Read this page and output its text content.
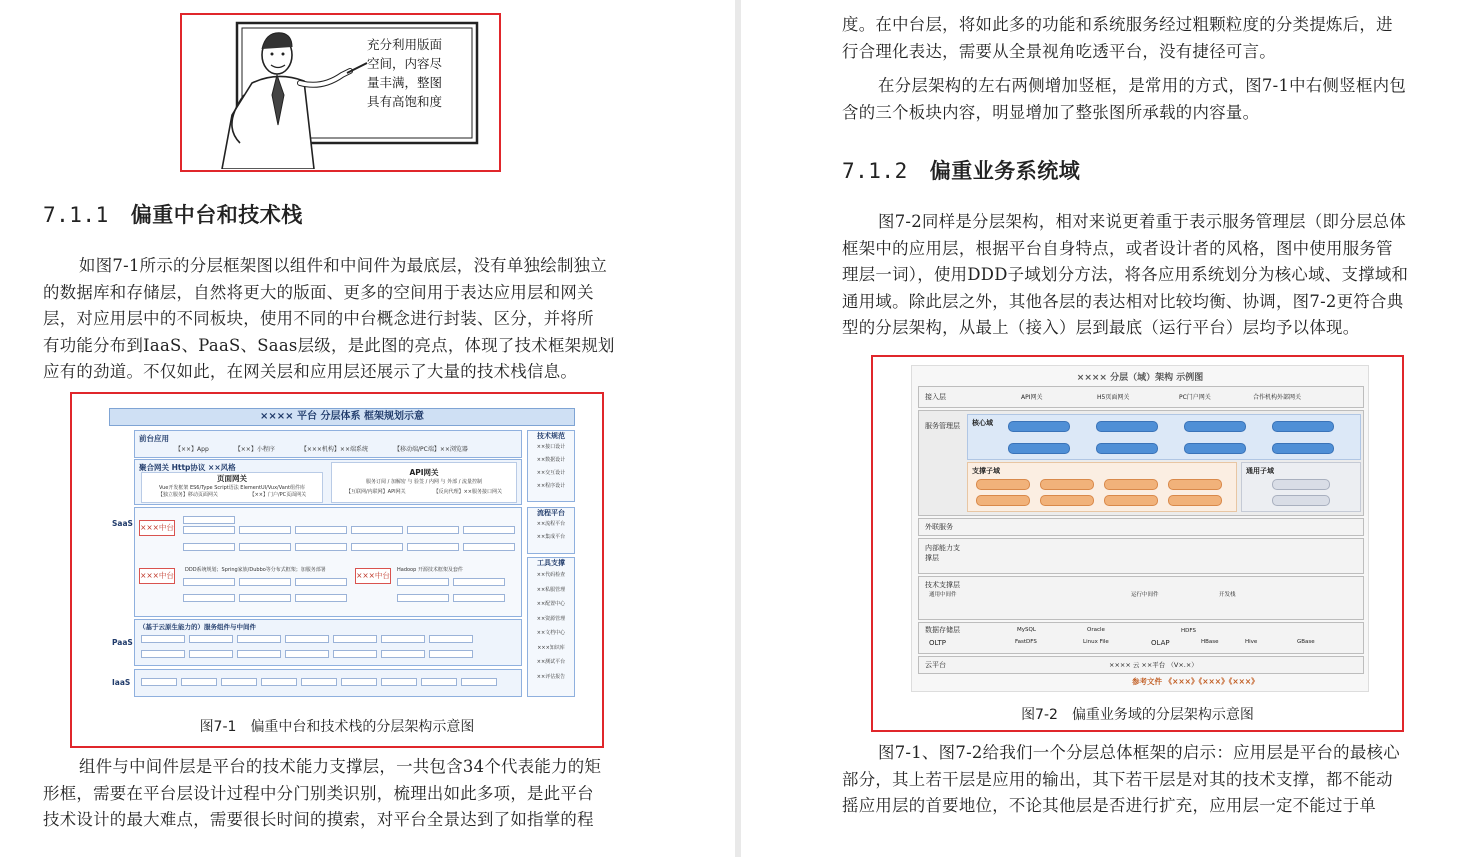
充分利用版面
空间，内容尽
量丰满，整图
具有高饱和度
7.1.1 偏重中台和技术栈
如图7-1所示的分层框架图以组件和中间件为最底层，没有单独绘制独立
的数据库和存储层，自然将更大的版面、更多的空间用于表达应用层和网关
层，对应用层中的不同板块，使用不同的中台概念进行封装、区分，并将所
有功能分布到IaaS、PaaS、Saas层级，是此图的亮点，体现了技术框架规划
应有的劲道。不仅如此，在网关层和应用层还展示了大量的技术栈信息。
×××× 平台 分层体系 框架规划示意
前台应用
【××】App	【××】小程序	【×××机构】××端系统	【移动端/PC端】××浏览器
聚合网关 Http协议 ××风格
页面网关
Vue开发框架 ES6/Type Script语法 ElementUI/Vux/Vant组件库
【独立服务】移动页面网关	【××】门户/PC页面网关
API网关
服务订阅 / 加解密 与 验签 / 内网 与 外部 / 流量控制
【互联网/内联网】API网关	【反向代理】××服务接口网关
×××中台
×××中台	×××中台
DDD系统规划；Spring家族/Dubbo等分布式框架；加服务部署	Hadoop 开源技术框架及套件
SaaS
（基于云原生能力的）服务组件与中间件
PaaS
IaaS
技术规范
××接口设计
××数据设计
××交互设计
××程序设计
流程平台
××流程平台
××集成平台
工具支撑
××代码检查
××私服管理
××配置中心
××资源管理
××文档中心
×××知识库
××测试平台
××评估报告
图7-1 偏重中台和技术栈的分层架构示意图
组件与中间件层是平台的技术能力支撑层，一共包含34个代表能力的矩
形框，需要在平台层设计过程中分门别类识别，梳理出如此多项，是此平台
技术设计的最大难点，需要很长时间的摸索，对平台全景达到了如指掌的程
度。在中台层，将如此多的功能和系统服务经过粗颗粒度的分类提炼后，进
行合理化表达，需要从全景视角吃透平台，没有捷径可言。
在分层架构的左右两侧增加竖框，是常用的方式，图7-1中右侧竖框内包
含的三个板块内容，明显增加了整张图所承载的内容量。
7.1.2 偏重业务系统域
图7-2同样是分层架构，相对来说更着重于表示服务管理层（即分层总体
框架中的应用层，根据平台自身特点，或者设计者的风格，图中使用服务管
理层一词），使用DDD子域划分方法，将各应用系统划分为核心域、支撑域和
通用域。除此层之外，其他各层的表达相对比较均衡、协调，图7-2更符合典
型的分层架构，从最上（接入）层到最底（运行平台）层均予以体现。
×××× 分层（域）架构 示例图
接入层	API网关	H5页面网关	PC门户网关	合作机构外部网关
服务管理层 核心域
支撑子域	通用子域
外联服务
内部能力支撑层
技术支撑层
通用中间件	运行中间件	开发栈
数据存储层
OLTP	OLAP
HDFS
MySQL	Oracle
FastDFS	Linux File	HBase	Hive	GBase
云平台	×××× 云 ××平台 （V×.×）
参考文件 《×××》《×××》《×××》
图7-2 偏重业务域的分层架构示意图
图7-1、图7-2给我们一个分层总体框架的启示：应用层是平台的最核心
部分，其上若干层是应用的输出，其下若干层是对其的技术支撑，都不能动
摇应用层的首要地位，不论其他层是否进行扩充，应用层一定不能过于单
